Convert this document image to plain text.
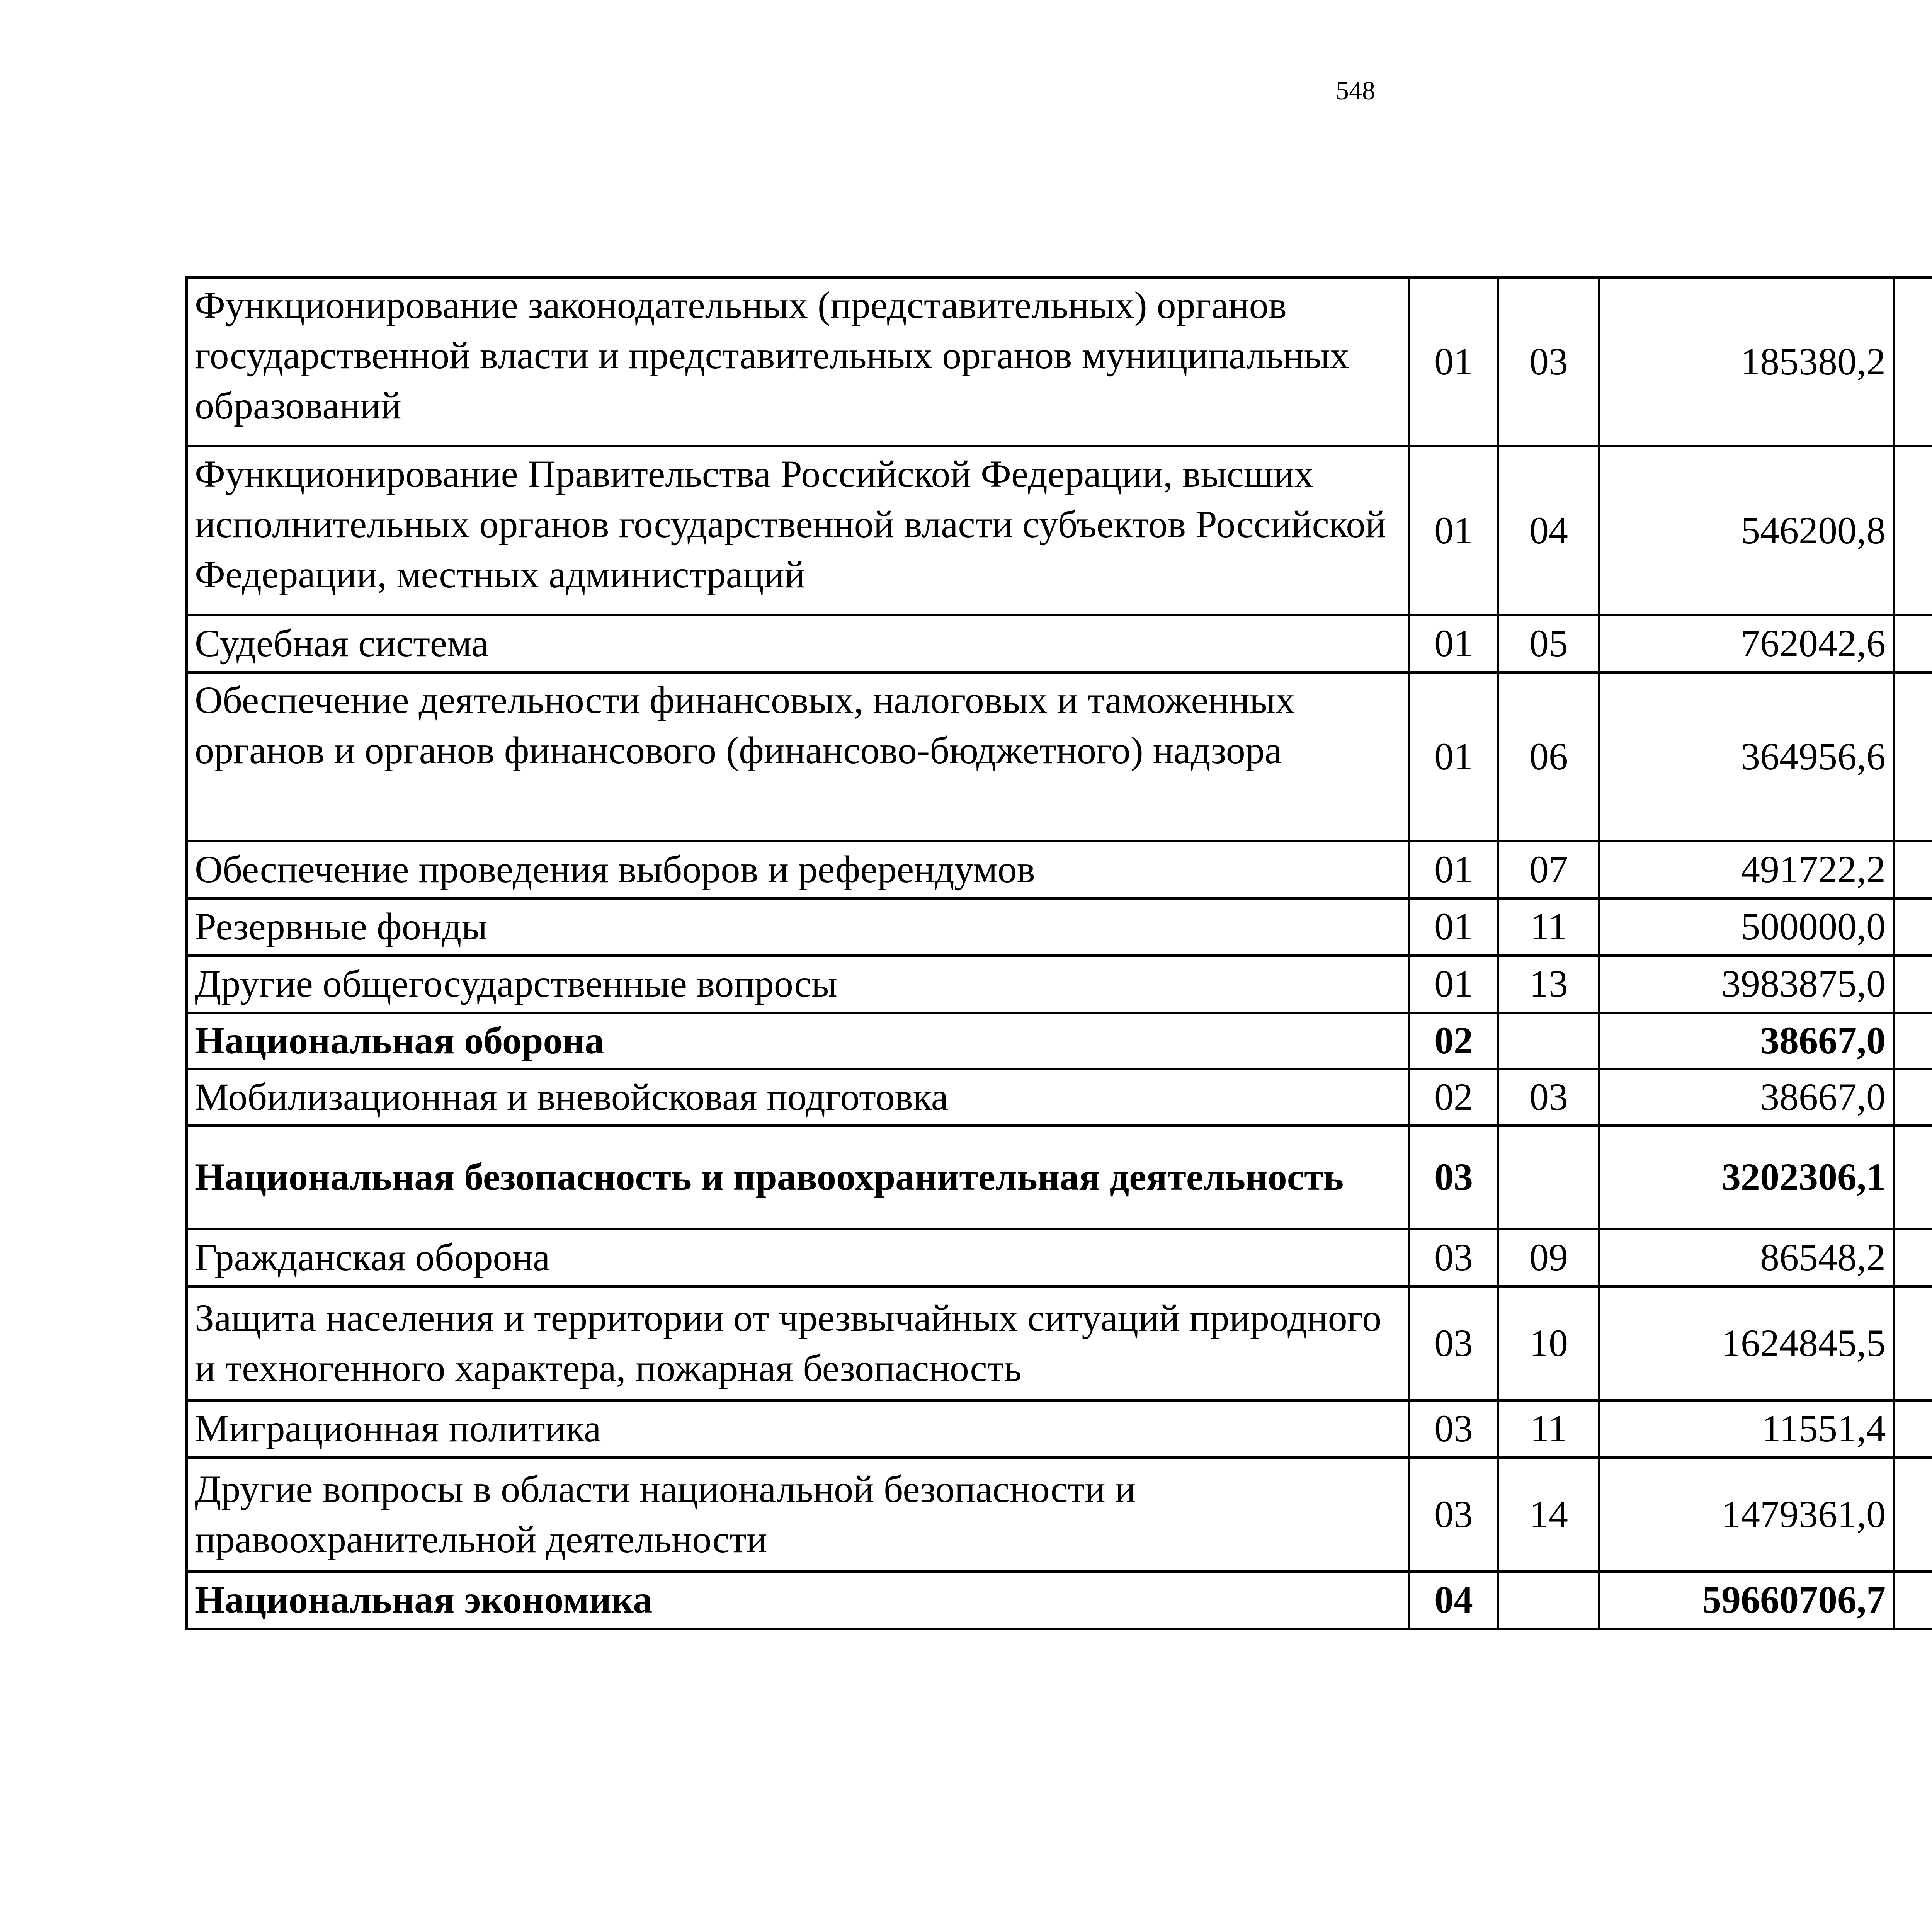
548
Функционирование законодательных (представительных) органов государственной власти и представительных органов муниципальных образований	01	03	185380,2		
Функционирование Правительства Российской Федерации, высших исполнительных органов государственной власти субъектов Российской Федерации, местных администраций	01	04	546200,8		
Судебная система	01	05	762042,6		
Обеспечение деятельности финансовых, налоговых и таможенных органов и органов финансового (финансово-бюджетного) надзора	01	06	364956,6		
Обеспечение проведения выборов и референдумов	01	07	491722,2		
Резервные фонды	01	11	500000,0		
Другие общегосударственные вопросы	01	13	3983875,0		
Национальная оборона	02		38667,0		
Мобилизационная и вневойсковая подготовка	02	03	38667,0		
Национальная безопасность и правоохранительная деятельность	03		3202306,1		
Гражданская оборона	03	09	86548,2		
Защита населения и территории от чрезвычайных ситуаций природного и техногенного характера, пожарная безопасность	03	10	1624845,5		
Миграционная политика	03	11	11551,4		
Другие вопросы в области национальной безопасности и правоохранительной деятельности	03	14	1479361,0		
Национальная экономика	04		59660706,7		
